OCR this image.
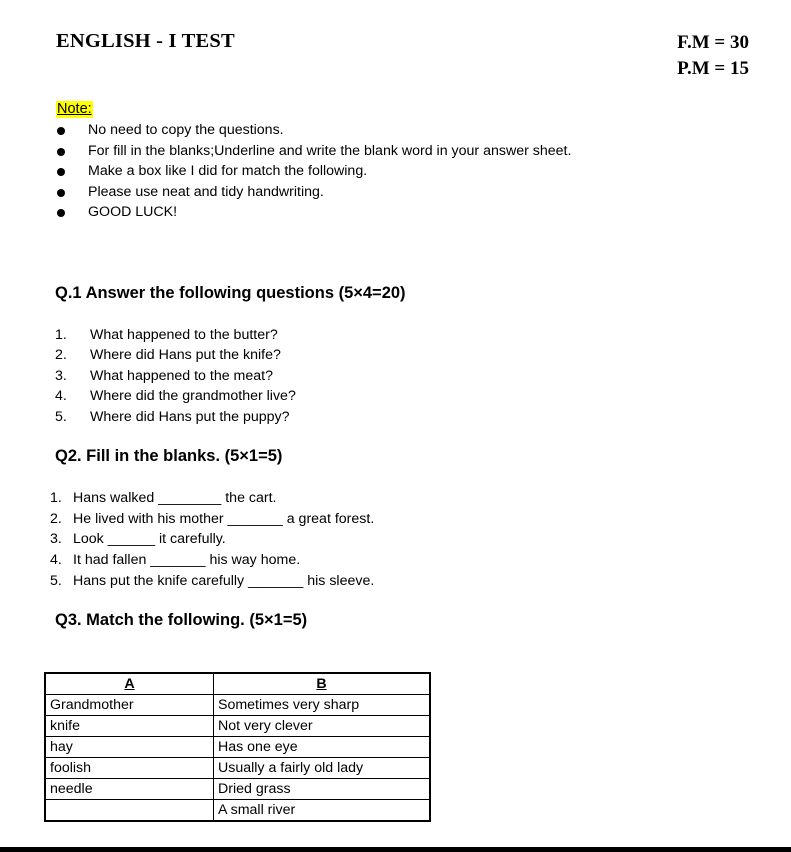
ENGLISH - I TEST	F.M = 30
P.M = 15
Note:
No need to copy the questions.
For fill in the blanks;Underline and write the blank word in your answer sheet.
Make a box like I did for match the following.
Please use neat and tidy handwriting.
GOOD LUCK!
Q.1 Answer the following questions (5×4=20)
1. What happened to the butter?
2. Where did Hans put the knife?
3. What happened to the meat?
4. Where did the grandmother live?
5. Where did Hans put the puppy?
Q2. Fill in the blanks. (5×1=5)
1. Hans walked ________ the cart.
2. He lived with his mother _______ a great forest.
3. Look ______ it carefully.
4. It had fallen _______ his way home.
5. Hans put the knife carefully _______ his sleeve.
Q3. Match the following. (5×1=5)
A	B
Grandmother	Sometimes very sharp
knife	Not very clever
hay	Has one eye
foolish	Usually a fairly old lady
needle	Dried grass
	A small river
